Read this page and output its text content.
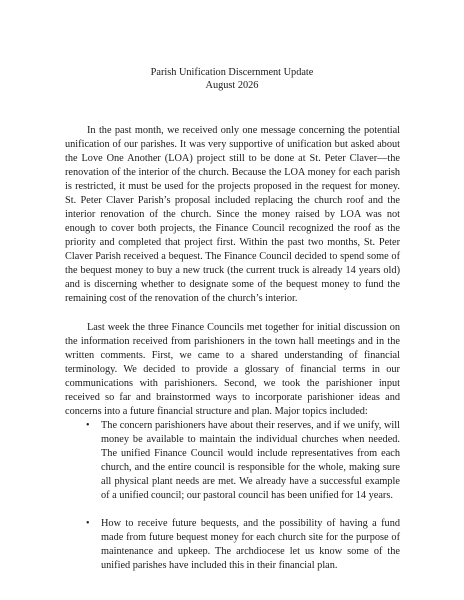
Parish Unification Discernment Update
August 2026

In the past month, we received only one message concerning the potential unification of our parishes. It was very supportive of unification but asked about the Love One Another (LOA) project still to be done at St. Peter Claver—the renovation of the interior of the church. Because the LOA money for each parish is restricted, it must be used for the projects proposed in the request for money. St. Peter Claver Parish’s proposal included replacing the church roof and the interior renovation of the church. Since the money raised by LOA was not enough to cover both projects, the Finance Council recognized the roof as the priority and completed that project first. Within the past two months, St. Peter Claver Parish received a bequest. The Finance Council decided to spend some of the bequest money to buy a new truck (the current truck is already 14 years old) and is discerning whether to designate some of the bequest money to fund the remaining cost of the renovation of the church’s interior.

Last week the three Finance Councils met together for initial discussion on the information received from parishioners in the town hall meetings and in the written comments. First, we came to a shared understanding of financial terminology. We decided to provide a glossary of financial terms in our communications with parishioners. Second, we took the parishioner input received so far and brainstormed ways to incorporate parishioner ideas and concerns into a future financial structure and plan. Major topics included:

• The concern parishioners have about their reserves, and if we unify, will money be available to maintain the individual churches when needed. The unified Finance Council would include representatives from each church, and the entire council is responsible for the whole, making sure all physical plant needs are met. We already have a successful example of a unified council; our pastoral council has been unified for 14 years.
• How to receive future bequests, and the possibility of having a fund made from future bequest money for each church site for the purpose of maintenance and upkeep. The archdiocese let us know some of the unified parishes have included this in their financial plan.
